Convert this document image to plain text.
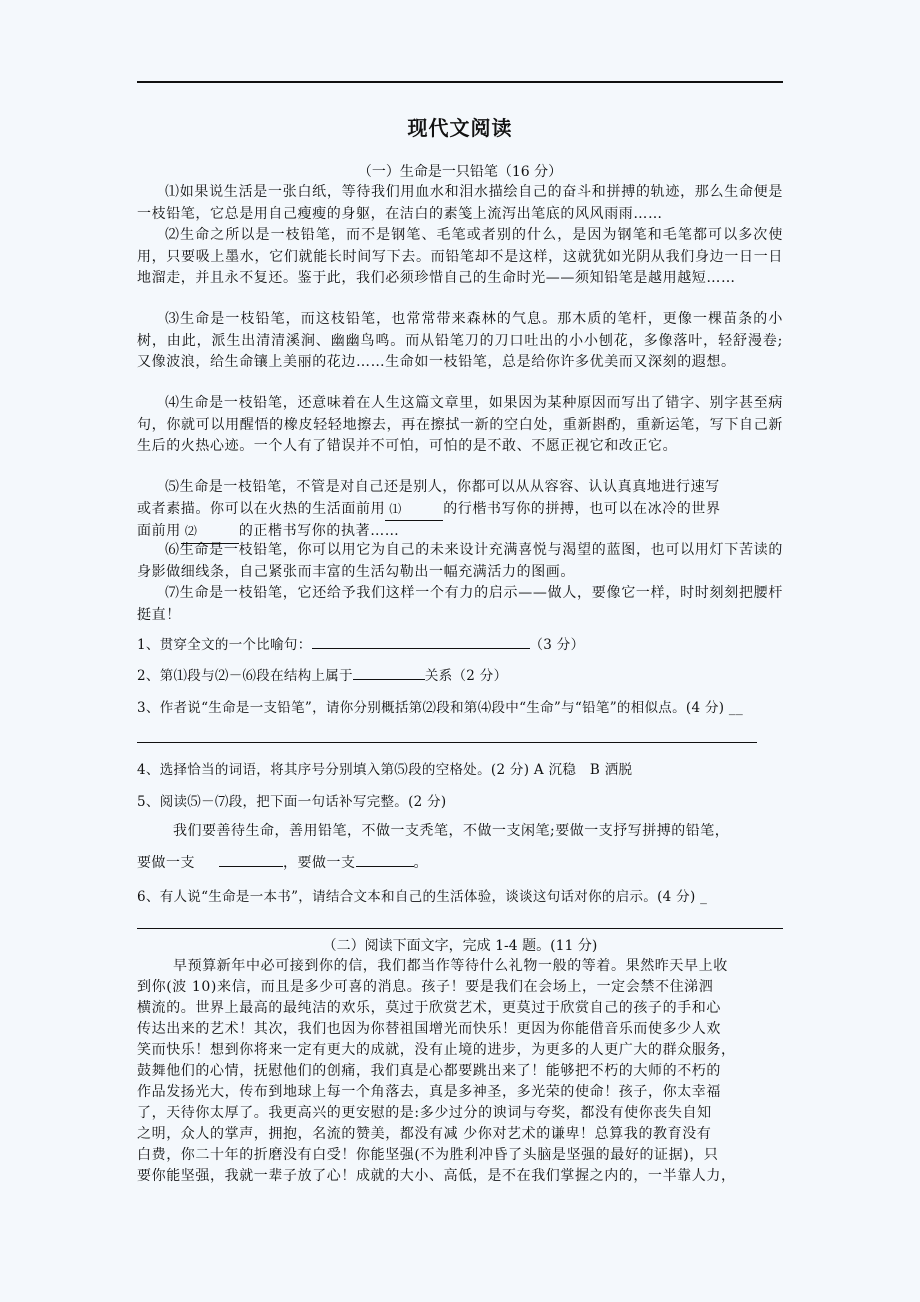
现代文阅读
（一）生命是一只铅笔（16 分）
⑴如果说生活是一张白纸，等待我们用血水和泪水描绘自己的奋斗和拼搏的轨迹，那么生命便是一枝铅笔，它总是用自己瘦瘦的身躯，在洁白的素笺上流泻出笔底的风风雨雨……
⑵生命之所以是一枝铅笔，而不是钢笔、毛笔或者别的什么，是因为钢笔和毛笔都可以多次使用，只要吸上墨水，它们就能长时间写下去。而铅笔却不是这样，这就犹如光阴从我们身边一日一日地溜走，并且永不复还。鉴于此，我们必须珍惜自己的生命时光——须知铅笔是越用越短……
⑶生命是一枝铅笔，而这枝铅笔，也常常带来森林的气息。那木质的笔杆，更像一棵苗条的小树，由此，派生出清清溪涧、幽幽鸟鸣。而从铅笔刀的刀口吐出的小小刨花，多像落叶，轻舒漫卷;又像波浪，给生命镶上美丽的花边……生命如一枝铅笔，总是给你许多优美而又深刻的遐想。
⑷生命是一枝铅笔，还意味着在人生这篇文章里，如果因为某种原因而写出了错字、别字甚至病句，你就可以用醒悟的橡皮轻轻地擦去，再在擦拭一新的空白处，重新斟酌，重新运笔，写下自己新生后的火热心迹。一个人有了错误并不可怕，可怕的是不敢、不愿正视它和改正它。
⑸生命是一枝铅笔，不管是对自己还是别人，你都可以从从容容、认认真真地进行速写
或者素描。你可以在火热的生活面前用 ⑴	的行楷书写你的拼搏，也可以在冰冷的世界
面前用 ⑵	的正楷书写你的执著……
⑹生命是一枝铅笔，你可以用它为自己的未来设计充满喜悦与渴望的蓝图，也可以用灯下苦读的身影做细线条，自己紧张而丰富的生活勾勒出一幅充满活力的图画。
⑺生命是一枝铅笔，它还给予我们这样一个有力的启示——做人，要像它一样，时时刻刻把腰杆挺直！
1、贯穿全文的一个比喻句：	（3 分）
2、第⑴段与⑵－⑹段在结构上属于	关系（2 分）
3、作者说“生命是一支铅笔”，请你分别概括第⑵段和第⑷段中“生命”与“铅笔”的相似点。(4 分) __
4、选择恰当的词语，将其序号分别填入第⑸段的空格处。(2 分) A 沉稳　B 洒脱
5、阅读⑸－⑺段，把下面一句话补写完整。(2 分)
我们要善待生命，善用铅笔，不做一支秃笔，不做一支闲笔;要做一支抒写拼搏的铅笔，
要做一支	，要做一支	。
6、有人说“生命是一本书”，请结合文本和自己的生活体验，谈谈这句话对你的启示。(4 分) _
（二）阅读下面文字，完成 1-4 题。(11 分)
早预算新年中必可接到你的信，我们都当作等待什么礼物一般的等着。果然昨天早上收
到你(波 10)来信，而且是多少可喜的消息。孩子！要是我们在会场上，一定会禁不住涕泗
横流的。世界上最高的最纯洁的欢乐，莫过于欣赏艺术，更莫过于欣赏自己的孩子的手和心
传达出来的艺术！其次，我们也因为你替祖国增光而快乐！更因为你能借音乐而使多少人欢
笑而快乐！想到你将来一定有更大的成就，没有止境的进步，为更多的人更广大的群众服务，
鼓舞他们的心情，抚慰他们的创痛，我们真是心都要跳出来了！能够把不朽的大师的不朽的
作品发扬光大，传布到地球上每一个角落去，真是多神圣，多光荣的使命！孩子，你太幸福
了，天待你太厚了。我更高兴的更安慰的是:多少过分的谀词与夸奖，都没有使你丧失自知
之明，众人的掌声，拥抱，名流的赞美，都没有减 少你对艺术的谦卑！总算我的教育没有
白费，你二十年的折磨没有白受！你能坚强(不为胜利冲昏了头脑是坚强的最好的证据)，只
要你能坚强，我就一辈子放了心！成就的大小、高低，是不在我们掌握之内的，一半靠人力，
